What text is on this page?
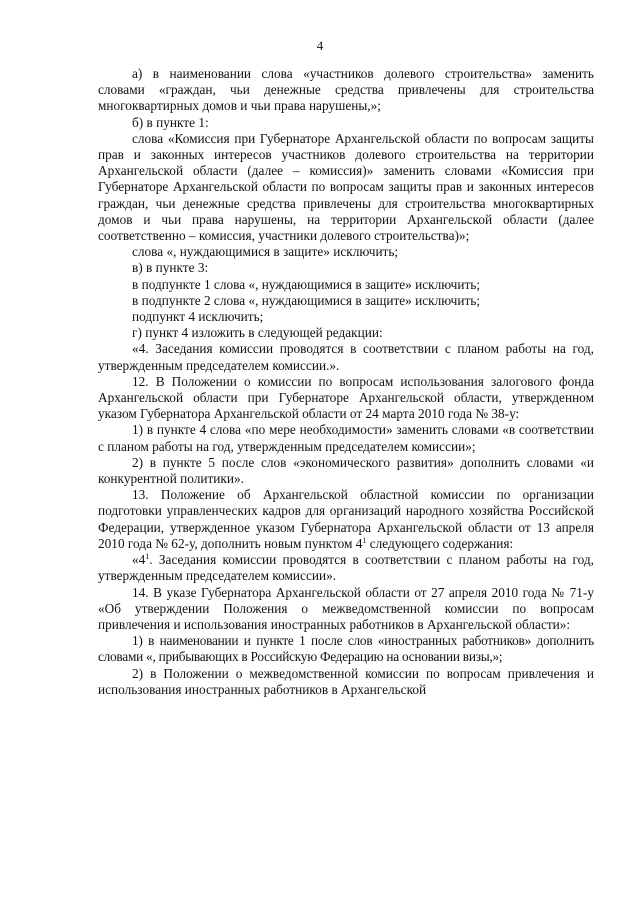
4

а) в наименовании слова «участников долевого строительства» заменить словами «граждан, чьи денежные средства привлечены для строительства многоквартирных домов и чьи права нарушены,»;

б) в пункте 1:

слова «Комиссия при Губернаторе Архангельской области по вопросам защиты прав и законных интересов участников долевого строительства на территории Архангельской области (далее – комиссия)» заменить словами «Комиссия при Губернаторе Архангельской области по вопросам защиты прав и законных интересов граждан, чьи денежные средства привлечены для строительства многоквартирных домов и чьи права нарушены, на территории Архангельской области (далее соответственно – комиссия, участники долевого строительства)»;

слова «, нуждающимися в защите» исключить;

в) в пункте 3:

в подпункте 1 слова «, нуждающимися в защите» исключить;

в подпункте 2 слова «, нуждающимися в защите» исключить;

подпункт 4 исключить;

г) пункт 4 изложить в следующей редакции:

«4. Заседания комиссии проводятся в соответствии с планом работы на год, утвержденным председателем комиссии.».

12. В Положении о комиссии по вопросам использования залогового фонда Архангельской области при Губернаторе Архангельской области, утвержденном указом Губернатора Архангельской области от 24 марта 2010 года № 38-у:

1) в пункте 4 слова «по мере необходимости» заменить словами «в соответствии с планом работы на год, утвержденным председателем комиссии»;

2) в пункте 5 после слов «экономического развития» дополнить словами «и конкурентной политики».

13. Положение об Архангельской областной комиссии по организации подготовки управленческих кадров для организаций народного хозяйства Российской Федерации, утвержденное указом Губернатора Архангельской области от 13 апреля 2010 года № 62-у, дополнить новым пунктом $4^1$ следующего содержания:

«$4^1$. Заседания комиссии проводятся в соответствии с планом работы на год, утвержденным председателем комиссии».

14. В указе Губернатора Архангельской области от 27 апреля 2010 года № 71-у «Об утверждении Положения о межведомственной комиссии по вопросам привлечения и использования иностранных работников в Архангельской области»:

1) в наименовании и пункте 1 после слов «иностранных работников» дополнить словами «, прибывающих в Российскую Федерацию на основании визы,»;

2) в Положении о межведомственной комиссии по вопросам привлечения и использования иностранных работников в Архангельской
